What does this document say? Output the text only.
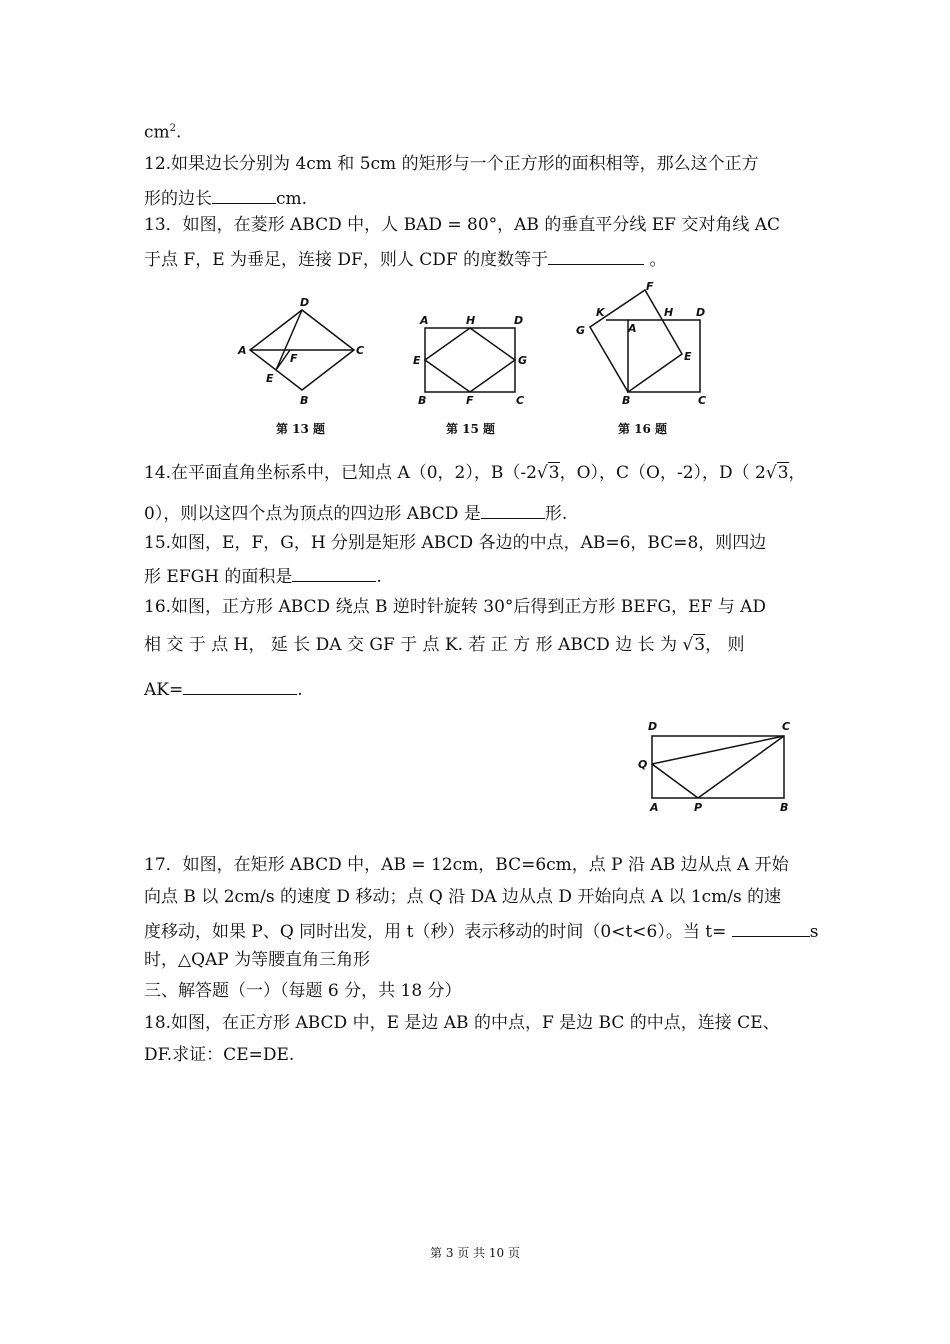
$cm^2$.
12.如果边长分别为 4cm 和 5cm 的矩形与一个正方形的面积相等，那么这个正方
形的边长	cm.
13．如图，在菱形 ABCD 中，人 BAD = 80°，AB 的垂直平分线 EF 交对角线 AC
于点 F，E 为垂足，连接 DF，则人 CDF 的度数等于	。
D
A	C
B
E
F
第 13 题
A	H	D
E	G
B	F	C
第 15 题
F
K	H D
G	A
E
B	C
第 16 题
14.在平面直角坐标系中，已知点 A（0，2），B（-2√3，O），C（O，-2），D（ 2√3，
0），则以这四个点为顶点的四边形 ABCD 是	形.
15.如图，E，F，G，H 分别是矩形 ABCD 各边的中点，AB=6，BC=8，则四边
形 EFGH 的面积是	.
16.如图，正方形 ABCD 绕点 B 逆时针旋转 30°后得到正方形 BEFG，EF 与 AD
相 交 于 点 H， 延 长 DA 交 GF 于 点 K. 若 正 方 形 ABCD 边 长 为 √3， 则
AK=	.
D	C
Q
A	P	B
17．如图，在矩形 ABCD 中，AB = 12cm，BC=6cm，点 P 沿 AB 边从点 A 开始
向点 B 以 2cm/s 的速度 D 移动；点 Q 沿 DA 边从点 D 开始向点 A 以 1cm/s 的速
度移动，如果 P、Q 同时出发，用 t（秒）表示移动的时间（0<t<6）。当 t=	s
时，△QAP 为等腰直角三角形
三、解答题（一）（每题 6 分，共 18 分）
18.如图，在正方形 ABCD 中，E 是边 AB 的中点，F 是边 BC 的中点，连接 CE、
DF.求证：CE=DE.
第 3 页 共 10 页
